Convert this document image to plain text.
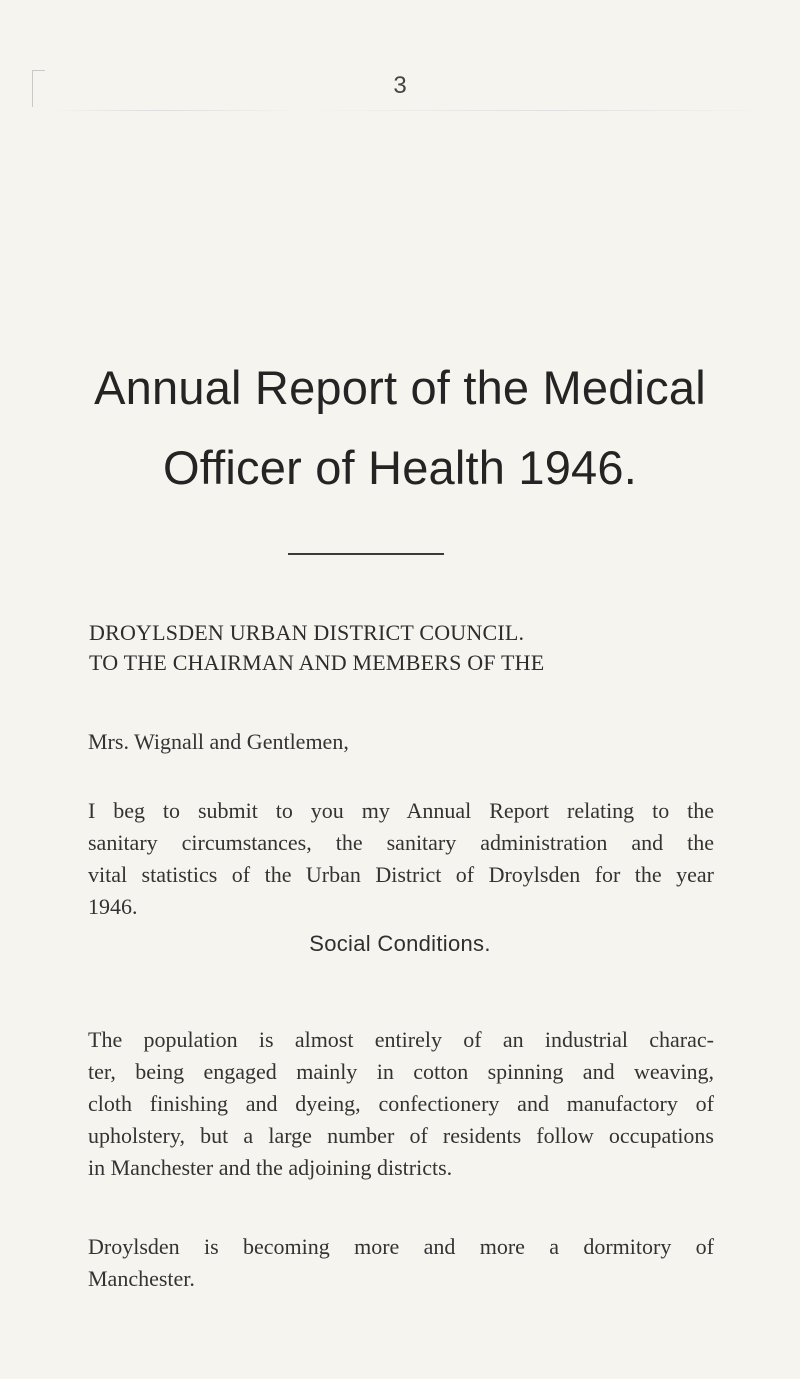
3
Annual Report of the Medical
Officer of Health 1946.
DROYLSDEN URBAN DISTRICT COUNCIL.
TO THE CHAIRMAN AND MEMBERS OF THE
Mrs. Wignall and Gentlemen,
I beg to submit to you my Annual Report relating to the
sanitary circumstances, the sanitary administration and the
vital statistics of the Urban District of Droylsden for the year
1946.
Social Conditions.
The population is almost entirely of an industrial charac-
ter, being engaged mainly in cotton spinning and weaving,
cloth finishing and dyeing, confectionery and manufactory of
upholstery, but a large number of residents follow occupations
in Manchester and the adjoining districts.
Droylsden is becoming more and more a dormitory of
Manchester.
